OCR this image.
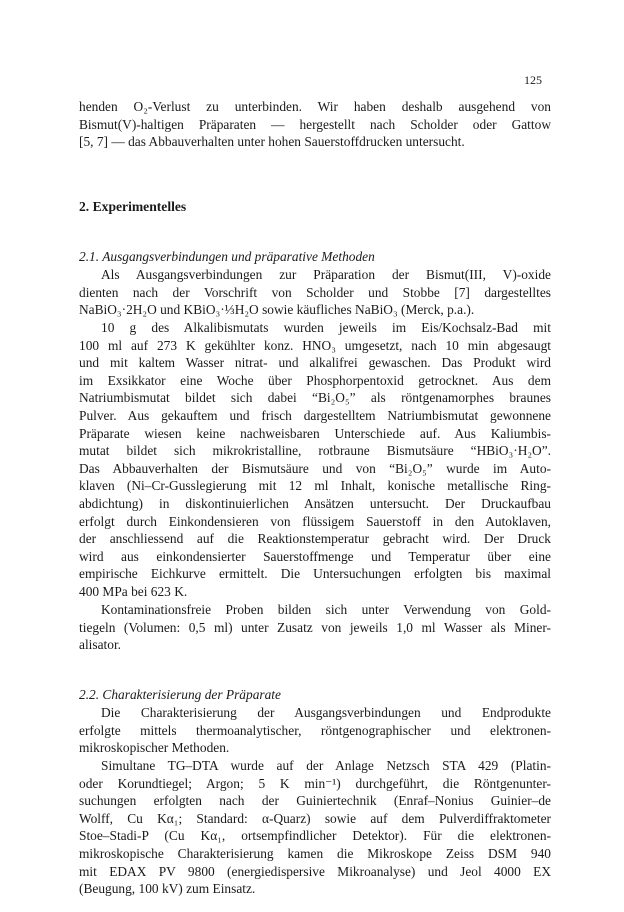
125

henden O₂-Verlust zu unterbinden. Wir haben deshalb ausgehend von
Bismut(V)-haltigen Präparaten — hergestellt nach Scholder oder Gattow
[5, 7] — das Abbauverhalten unter hohen Sauerstoffdrucken untersucht.

2. Experimentelles
2.1. Ausgangsverbindungen und präparative Methoden

Als Ausgangsverbindungen zur Präparation der Bismut(III, V)-oxide
dienten nach der Vorschrift von Scholder und Stobbe [7] dargestelltes
NaBiO₃·2H₂O und KBiO₃·⅓H₂O sowie käufliches NaBiO₃ (Merck, p.a.).

10 g des Alkalibismutats wurden jeweils im Eis/Kochsalz-Bad mit
100 ml auf 273 K gekühlter konz. HNO₃ umgesetzt, nach 10 min abgesaugt
und mit kaltem Wasser nitrat- und alkalifrei gewaschen. Das Produkt wird
im Exsikkator eine Woche über Phosphorpentoxid getrocknet. Aus dem
Natriumbismutat bildet sich dabei “Bi₂O₅” als röntgenamorphes braunes
Pulver. Aus gekauftem und frisch dargestelltem Natriumbismutat gewonnene
Präparate wiesen keine nachweisbaren Unterschiede auf. Aus Kaliumbis-
mutat bildet sich mikrokristalline, rotbraune Bismutsäure “HBiO₃·H₂O”.
Das Abbauverhalten der Bismutsäure und von “Bi₂O₅” wurde im Auto-
klaven (Ni–Cr-Gusslegierung mit 12 ml Inhalt, konische metallische Ring-
abdichtung) in diskontinuierlichen Ansätzen untersucht. Der Druckaufbau
erfolgt durch Einkondensieren von flüssigem Sauerstoff in den Autoklaven,
der anschliessend auf die Reaktionstemperatur gebracht wird. Der Druck
wird aus einkondensierter Sauerstoffmenge und Temperatur über eine
empirische Eichkurve ermittelt. Die Untersuchungen erfolgten bis maximal
400 MPa bei 623 K.

Kontaminationsfreie Proben bilden sich unter Verwendung von Gold-
tiegeln (Volumen: 0,5 ml) unter Zusatz von jeweils 1,0 ml Wasser als Miner-
alisator.

2.2. Charakterisierung der Präparate

Die Charakterisierung der Ausgangsverbindungen und Endprodukte
erfolgte mittels thermoanalytischer, röntgenographischer und elektronen-
mikroskopischer Methoden.

Simultane TG–DTA wurde auf der Anlage Netzsch STA 429 (Platin-
oder Korundtiegel; Argon; 5 K min⁻¹) durchgeführt, die Röntgenunter-
suchungen erfolgten nach der Guiniertechnik (Enraf–Nonius Guinier–de
Wolff, Cu Kα₁; Standard: α-Quarz) sowie auf dem Pulverdiffraktometer
Stoe–Stadi-P (Cu Kα₁, ortsempfindlicher Detektor). Für die elektronen-
mikroskopische Charakterisierung kamen die Mikroskope Zeiss DSM 940
mit EDAX PV 9800 (energiedispersive Mikroanalyse) und Jeol 4000 EX
(Beugung, 100 kV) zum Einsatz.
